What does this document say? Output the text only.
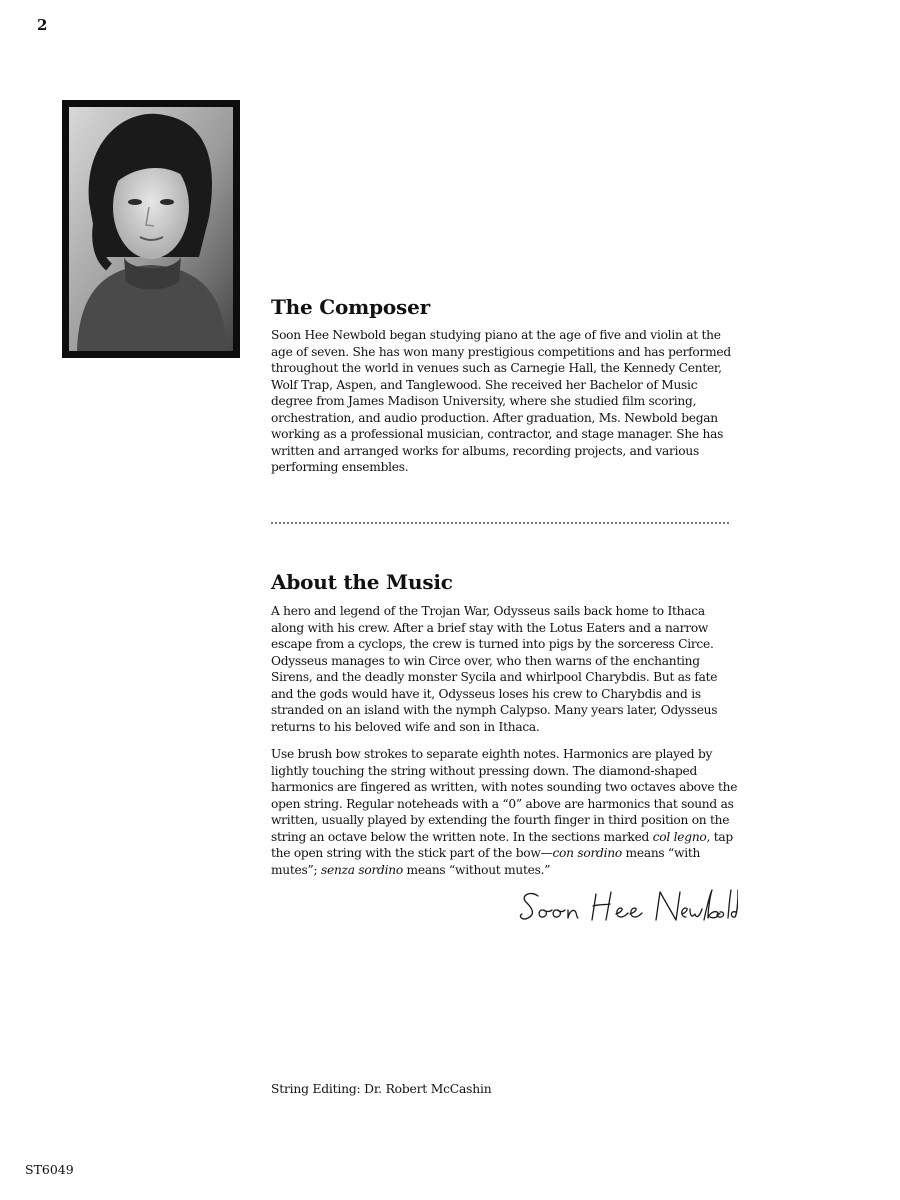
2
The Composer

Soon Hee Newbold began studying piano at the age of five and violin at the age of seven. She has won many prestigious competitions and has performed throughout the world in venues such as Carnegie Hall, the Kennedy Center, Wolf Trap, Aspen, and Tanglewood. She received her Bachelor of Music degree from James Madison University, where she studied film scoring, orchestration, and audio production. After graduation, Ms. Newbold began working as a professional musician, contractor, and stage manager. She has written and arranged works for albums, recording projects, and various performing ensembles.

About the Music

A hero and legend of the Trojan War, Odysseus sails back home to Ithaca along with his crew. After a brief stay with the Lotus Eaters and a narrow escape from a cyclops, the crew is turned into pigs by the sorceress Circe. Odysseus manages to win Circe over, who then warns of the enchanting Sirens, and the deadly monster Sycila and whirlpool Charybdis. But as fate and the gods would have it, Odysseus loses his crew to Charybdis and is stranded on an island with the nymph Calypso. Many years later, Odysseus returns to his beloved wife and son in Ithaca.

Use brush bow strokes to separate eighth notes. Harmonics are played by lightly touching the string without pressing down. The diamond-shaped harmonics are fingered as written, with notes sounding two octaves above the open string. Regular noteheads with a “0” above are harmonics that sound as written, usually played by extending the fourth finger in third position on the string an octave below the written note. In the sections marked col legno, tap the open string with the stick part of the bow—con sordino means “with mutes”; senza sordino means “without mutes.”

String Editing: Dr. Robert McCashin
ST6049
